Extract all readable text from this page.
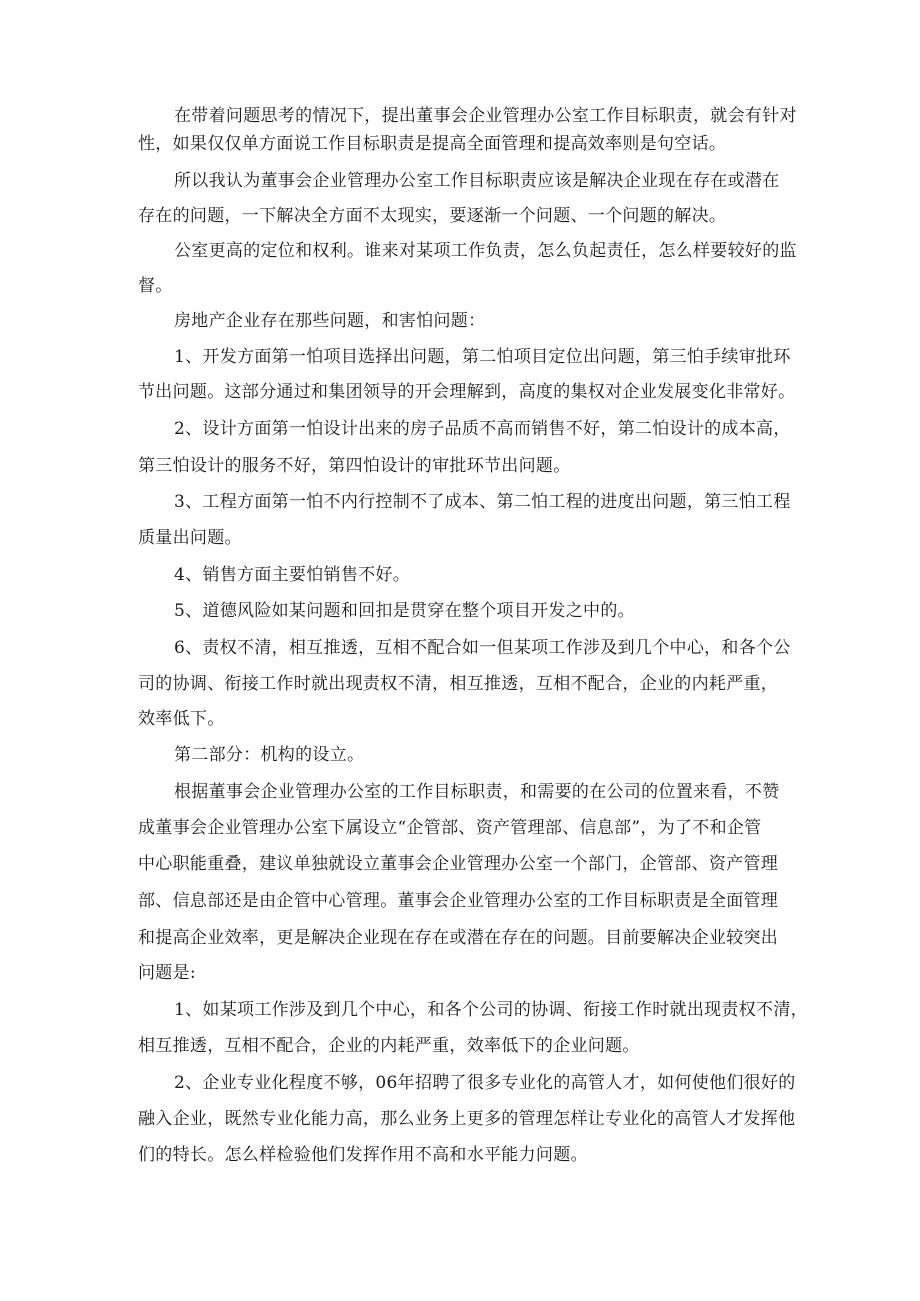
在带着问题思考的情况下，提出董事会企业管理办公室工作目标职责，就会有针对
性，如果仅仅单方面说工作目标职责是提高全面管理和提高效率则是句空话。
所以我认为董事会企业管理办公室工作目标职责应该是解决企业现在存在或潜在
存在的问题，一下解决全方面不太现实，要逐渐一个问题、一个问题的解决。
公室更高的定位和权利。谁来对某项工作负责，怎么负起责任，怎么样要较好的监
督。
房地产企业存在那些问题，和害怕问题：
1、开发方面第一怕项目选择出问题，第二怕项目定位出问题，第三怕手续审批环
节出问题。这部分通过和集团领导的开会理解到，高度的集权对企业发展变化非常好。
2、设计方面第一怕设计出来的房子品质不高而销售不好，第二怕设计的成本高，
第三怕设计的服务不好，第四怕设计的审批环节出问题。
3、工程方面第一怕不内行控制不了成本、第二怕工程的进度出问题，第三怕工程
质量出问题。
4、销售方面主要怕销售不好。
5、道德风险如某问题和回扣是贯穿在整个项目开发之中的。
6、责权不清，相互推透，互相不配合如一但某项工作涉及到几个中心，和各个公
司的协调、衔接工作时就出现责权不清，相互推透，互相不配合，企业的内耗严重，
效率低下。
第二部分：机构的设立。
根据董事会企业管理办公室的工作目标职责，和需要的在公司的位置来看，不赞
成董事会企业管理办公室下属设立“企管部、资产管理部、信息部”，为了不和企管
中心职能重叠，建议单独就设立董事会企业管理办公室一个部门，企管部、资产管理
部、信息部还是由企管中心管理。董事会企业管理办公室的工作目标职责是全面管理
和提高企业效率，更是解决企业现在存在或潜在存在的问题。目前要解决企业较突出
问题是:
1、如某项工作涉及到几个中心，和各个公司的协调、衔接工作时就出现责权不清，
相互推透，互相不配合，企业的内耗严重，效率低下的企业问题。
2、企业专业化程度不够，06年招聘了很多专业化的高管人才，如何使他们很好的
融入企业，既然专业化能力高，那么业务上更多的管理怎样让专业化的高管人才发挥他
们的特长。怎么样检验他们发挥作用不高和水平能力问题。
